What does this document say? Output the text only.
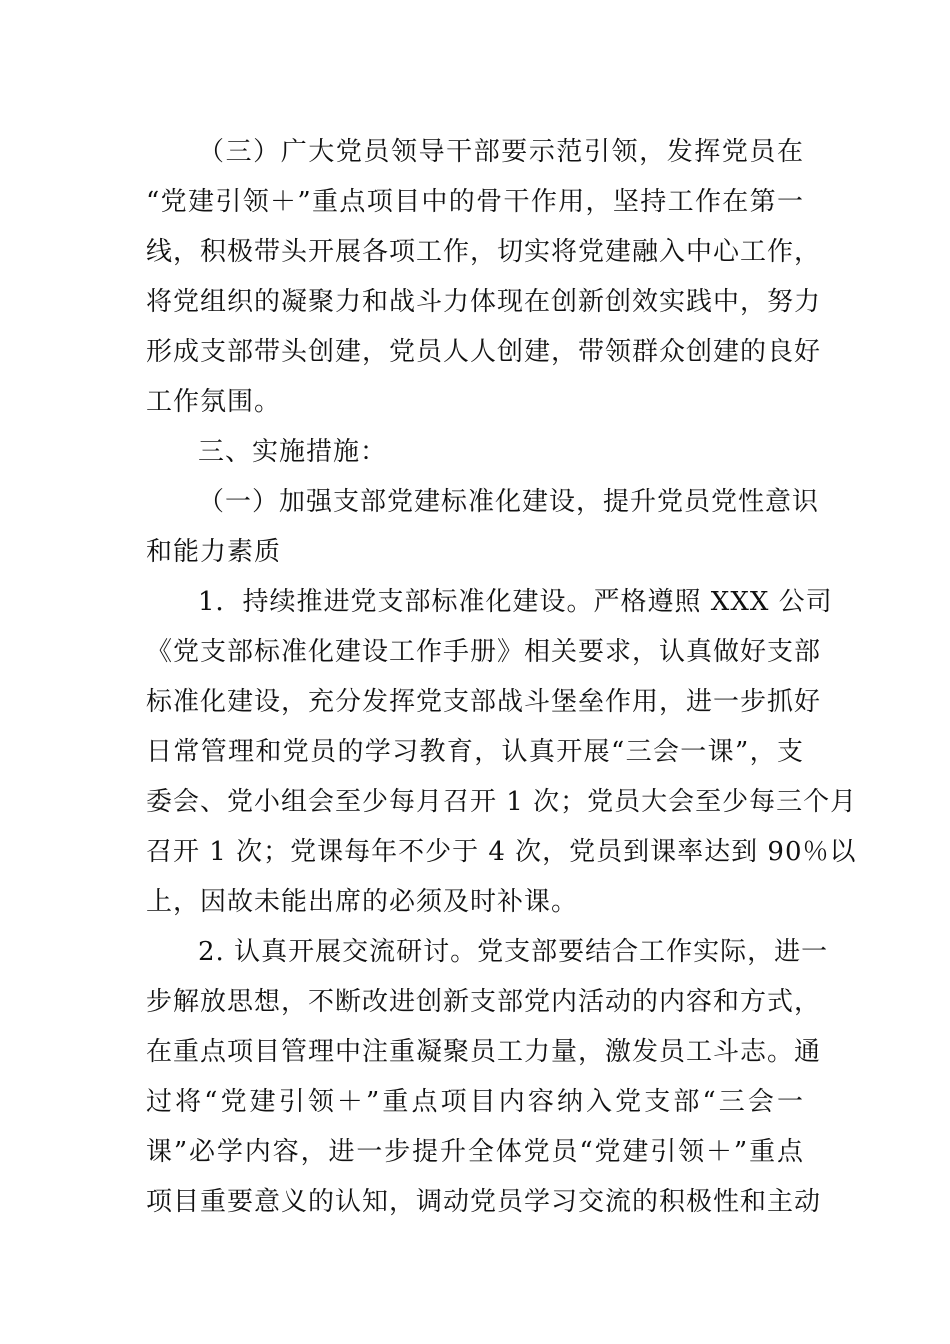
（三）广大党员领导干部要示范引领，发挥党员在
“党建引领＋”重点项目中的骨干作用，坚持工作在第一
线，积极带头开展各项工作，切实将党建融入中心工作，
将党组织的凝聚力和战斗力体现在创新创效实践中，努力
形成支部带头创建，党员人人创建，带领群众创建的良好
工作氛围。
三、实施措施：
（一）加强支部党建标准化建设，提升党员党性意识
和能力素质
1．持续推进党支部标准化建设。严格遵照 XXX 公司
《党支部标准化建设工作手册》相关要求，认真做好支部
标准化建设，充分发挥党支部战斗堡垒作用，进一步抓好
日常管理和党员的学习教育，认真开展“三会一课”，支
委会、党小组会至少每月召开 1 次；党员大会至少每三个月
召开 1 次；党课每年不少于 4 次，党员到课率达到 90％以
上，因故未能出席的必须及时补课。
2. 认真开展交流研讨。党支部要结合工作实际，进一
步解放思想，不断改进创新支部党内活动的内容和方式，
在重点项目管理中注重凝聚员工力量，激发员工斗志。通
过将“党建引领＋”重点项目内容纳入党支部“三会一
课”必学内容，进一步提升全体党员“党建引领＋”重点
项目重要意义的认知，调动党员学习交流的积极性和主动
